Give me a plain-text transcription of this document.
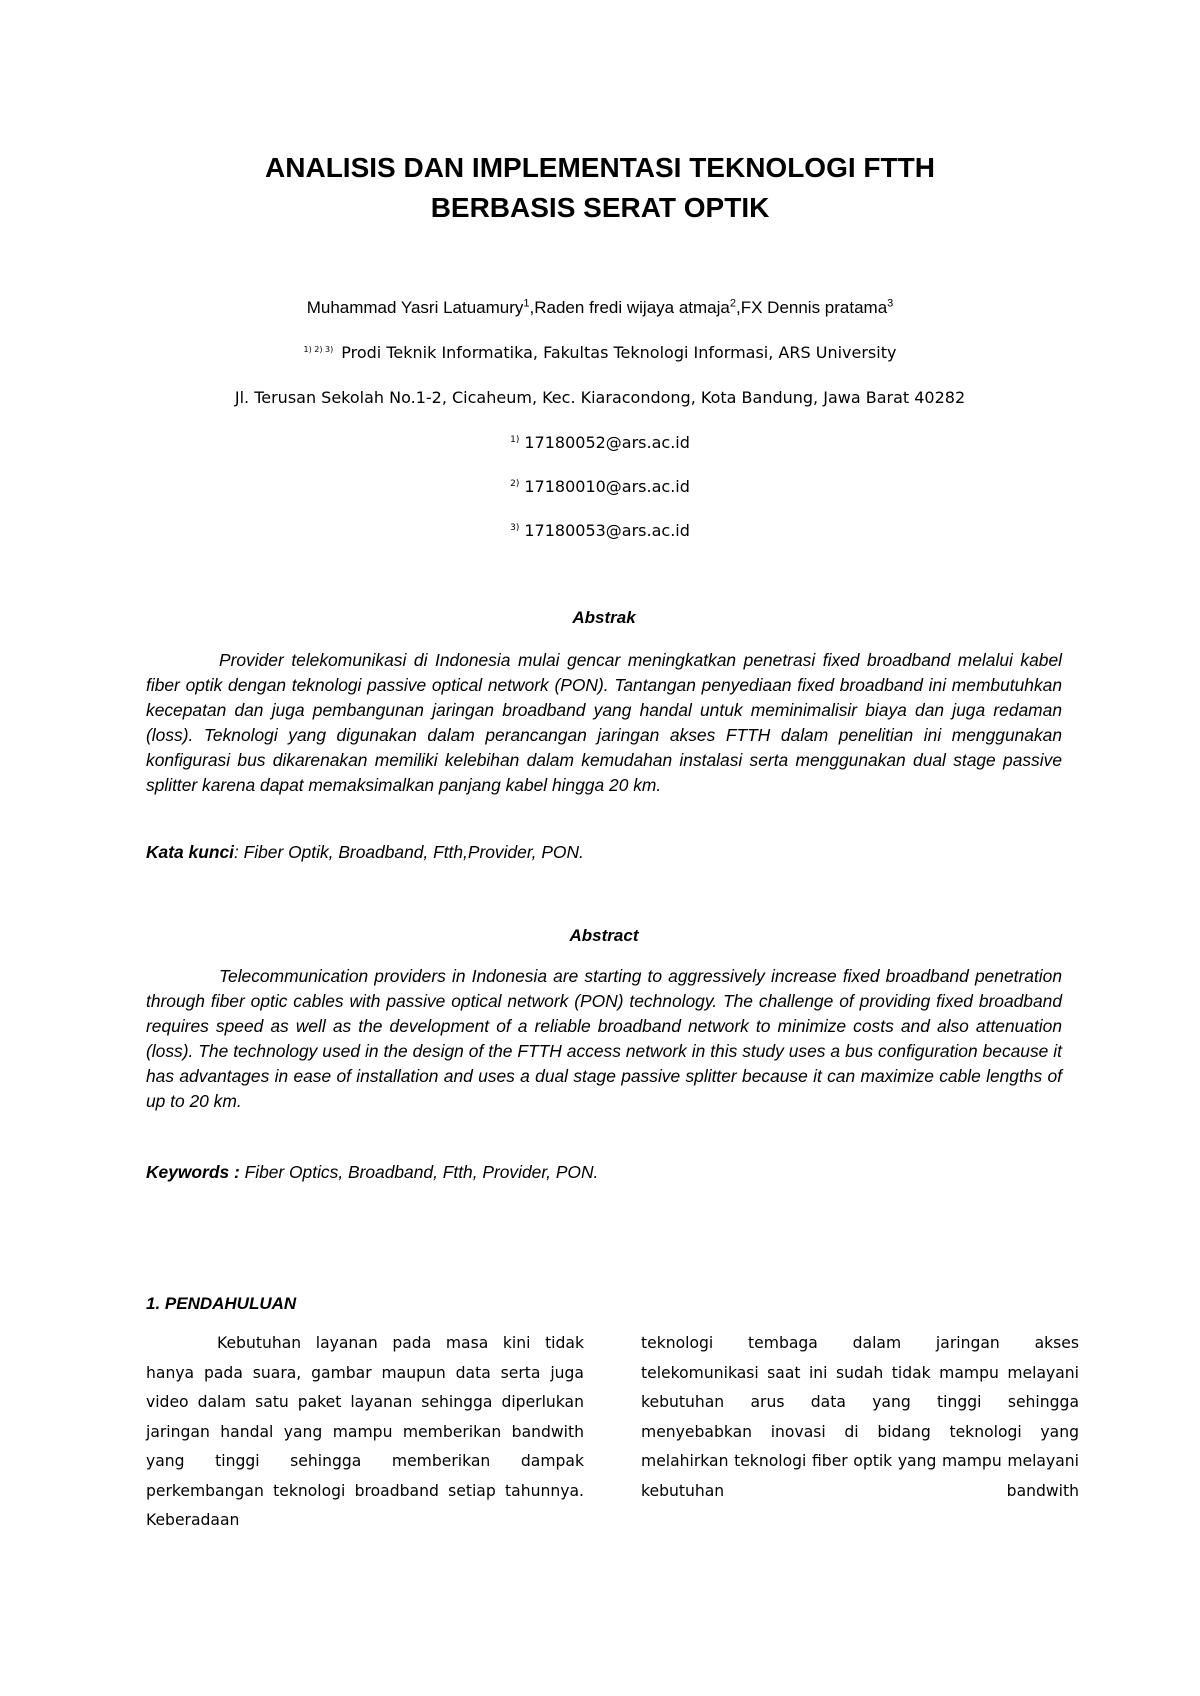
ANALISIS DAN IMPLEMENTASI TEKNOLOGI FTTH
BERBASIS SERAT OPTIK
Muhammad Yasri Latuamury$^1$,Raden fredi wijaya atmaja$^2$,FX Dennis pratama$^3$
$^{1) 2) 3)}$ Prodi Teknik Informatika, Fakultas Teknologi Informasi, ARS University
Jl. Terusan Sekolah No.1-2, Cicaheum, Kec. Kiaracondong, Kota Bandung, Jawa Barat 40282
$^{1)}$ 17180052@ars.ac.id
$^{2)}$ 17180010@ars.ac.id
$^{3)}$ 17180053@ars.ac.id
Abstrak
Provider telekomunikasi di Indonesia mulai gencar meningkatkan penetrasi fixed broadband melalui kabel fiber optik dengan teknologi passive optical network (PON). Tantangan penyediaan fixed broadband ini membutuhkan kecepatan dan juga pembangunan jaringan broadband yang handal untuk meminimalisir biaya dan juga redaman (loss). Teknologi yang digunakan dalam perancangan jaringan akses FTTH dalam penelitian ini menggunakan konfigurasi bus dikarenakan memiliki kelebihan dalam kemudahan instalasi serta menggunakan dual stage passive splitter karena dapat memaksimalkan panjang kabel hingga 20 km.
Kata kunci: Fiber Optik, Broadband, Ftth,Provider, PON.
Abstract
Telecommunication providers in Indonesia are starting to aggressively increase fixed broadband penetration through fiber optic cables with passive optical network (PON) technology. The challenge of providing fixed broadband requires speed as well as the development of a reliable broadband network to minimize costs and also attenuation (loss). The technology used in the design of the FTTH access network in this study uses a bus configuration because it has advantages in ease of installation and uses a dual stage passive splitter because it can maximize cable lengths of up to 20 km.
Keywords : Fiber Optics, Broadband, Ftth, Provider, PON.
1. PENDAHULUAN
Kebutuhan layanan pada masa kini tidak hanya pada suara, gambar maupun data serta juga video dalam satu paket layanan sehingga diperlukan jaringan handal yang mampu memberikan bandwith yang tinggi sehingga memberikan dampak perkembangan teknologi broadband setiap tahunnya. Keberadaan
teknologi tembaga dalam jaringan akses telekomunikasi saat ini sudah tidak mampu melayani kebutuhan arus data yang tinggi sehingga menyebabkan inovasi di bidang teknologi yang melahirkan teknologi fiber optik yang mampu melayani kebutuhan bandwith
